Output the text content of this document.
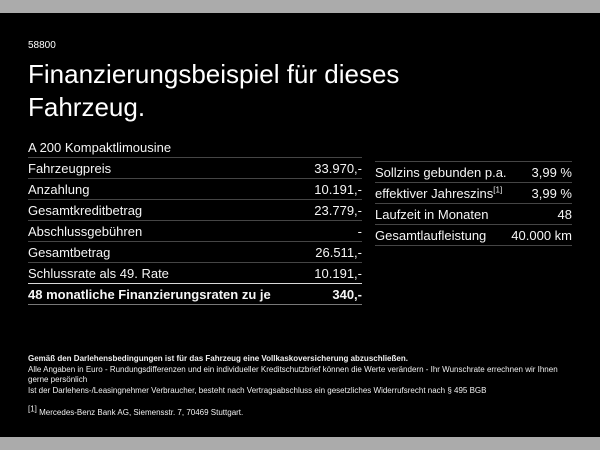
58800
Finanzierungsbeispiel für dieses
Fahrzeug.
A 200 Kompaktlimousine
Fahrzeugpreis	33.970,-
Anzahlung	10.191,-
Gesamtkreditbetrag	23.779,-
Abschlussgebühren	-
Gesamtbetrag	26.511,-
Schlussrate als 49. Rate	10.191,-
48 monatliche Finanzierungsraten zu je	340,-
Sollzins gebunden p.a. 3,99 %
effektiver Jahreszins[1] 3,99 %
Laufzeit in Monaten	48
Gesamtlaufleistung 40.000 km
Gemäß den Darlehensbedingungen ist für das Fahrzeug eine Vollkaskoversicherung abzuschließen.
Alle Angaben in Euro - Rundungsdifferenzen und ein individueller Kreditschutzbrief können die Werte verändern - Ihr Wunschrate errechnen wir Ihnen gerne persönlich
Ist der Darlehens-/Leasingnehmer Verbraucher, besteht nach Vertragsabschluss ein gesetzliches Widerrufsrecht nach § 495 BGB
[1] Mercedes-Benz Bank AG, Siemensstr. 7, 70469 Stuttgart.
